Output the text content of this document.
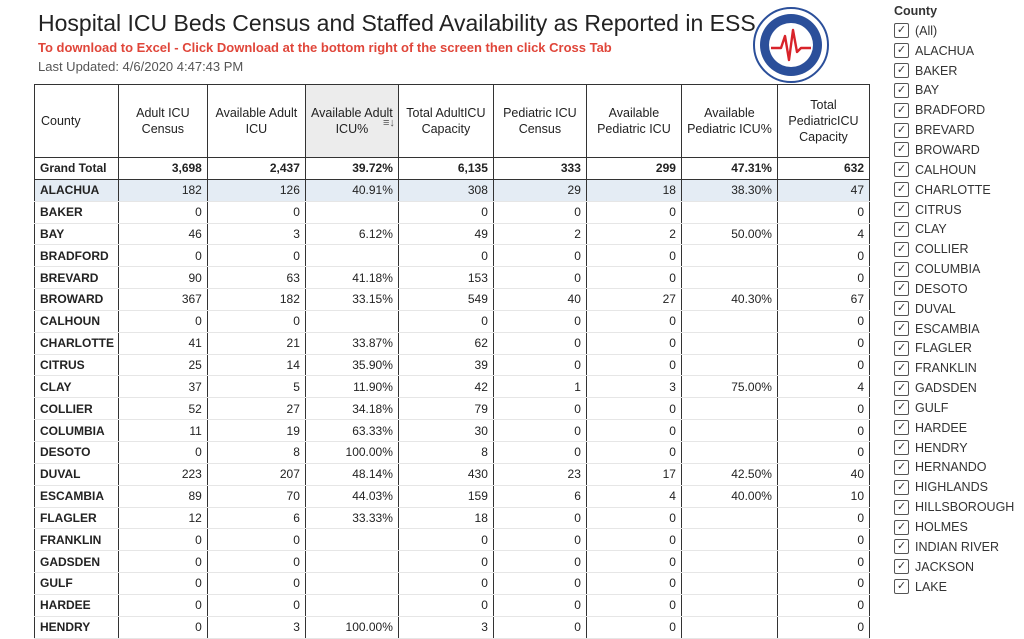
Hospital ICU Beds Census and Staffed Availability as Reported in ESS
To download to Excel - Click Download at the bottom right of the screen then click Cross Tab
Last Updated: 4/6/2020 4:47:43 PM
County	Adult ICU Census	Available Adult ICU	Available Adult ICU% ≡↓	Total AdultICU Capacity	Pediatric ICU Census	Available Pediatric ICU	Available Pediatric ICU%	Total PediatricICU Capacity
Grand Total	3,698	2,437	39.72%	6,135	333	299	47.31%	632
ALACHUA	182	126	40.91%	308	29	18	38.30%	47
BAKER	0	0		0	0	0		0
BAY	46	3	6.12%	49	2	2	50.00%	4
BRADFORD	0	0		0	0	0		0
BREVARD	90	63	41.18%	153	0	0		0
BROWARD	367	182	33.15%	549	40	27	40.30%	67
CALHOUN	0	0		0	0	0		0
CHARLOTTE	41	21	33.87%	62	0	0		0
CITRUS	25	14	35.90%	39	0	0		0
CLAY	37	5	11.90%	42	1	3	75.00%	4
COLLIER	52	27	34.18%	79	0	0		0
COLUMBIA	11	19	63.33%	30	0	0		0
DESOTO	0	8	100.00%	8	0	0		0
DUVAL	223	207	48.14%	430	23	17	42.50%	40
ESCAMBIA	89	70	44.03%	159	6	4	40.00%	10
FLAGLER	12	6	33.33%	18	0	0		0
FRANKLIN	0	0		0	0	0		0
GADSDEN	0	0		0	0	0		0
GULF	0	0		0	0	0		0
HARDEE	0	0		0	0	0		0
HENDRY	0	3	100.00%	3	0	0		0
County
✓ (All)
✓ ALACHUA
✓ BAKER
✓ BAY
✓ BRADFORD
✓ BREVARD
✓ BROWARD
✓ CALHOUN
✓ CHARLOTTE
✓ CITRUS
✓ CLAY
✓ COLLIER
✓ COLUMBIA
✓ DESOTO
✓ DUVAL
✓ ESCAMBIA
✓ FLAGLER
✓ FRANKLIN
✓ GADSDEN
✓ GULF
✓ HARDEE
✓ HENDRY
✓ HERNANDO
✓ HIGHLANDS
✓ HILLSBOROUGH
✓ HOLMES
✓ INDIAN RIVER
✓ JACKSON
✓ LAKE
